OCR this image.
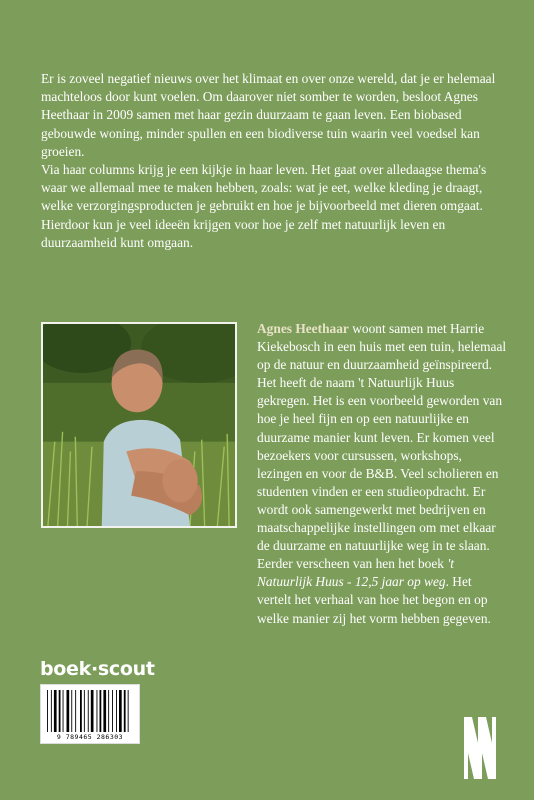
Er is zoveel negatief nieuws over het klimaat en over onze wereld, dat je er helemaal machteloos door kunt voelen. Om daarover niet somber te worden, besloot Agnes Heethaar in 2009 samen met haar gezin duurzaam te gaan leven. Een biobased gebouwde woning, minder spullen en een biodiverse tuin waarin veel voedsel kan groeien.

Via haar columns krijg je een kijkje in haar leven. Het gaat over alledaagse thema's waar we allemaal mee te maken hebben, zoals: wat je eet, welke kleding je draagt, welke verzorgingsproducten je gebruikt en hoe je bijvoorbeeld met dieren omgaat. Hierdoor kun je veel ideeën krijgen voor hoe je zelf met natuurlijk leven en duurzaamheid kunt omgaan.

Agnes Heethaar woont samen met Harrie Kiekebosch in een huis met een tuin, helemaal op de natuur en duurzaamheid geïnspireerd. Het heeft de naam 't Natuurlijk Huus gekregen. Het is een voorbeeld geworden van hoe je heel fijn en op een natuurlijke en duurzame manier kunt leven. Er komen veel bezoekers voor cursussen, workshops, lezingen en voor de B&B. Veel scholieren en studenten vinden er een studieopdracht. Er wordt ook samengewerkt met bedrijven en maatschappelijke instellingen om met elkaar de duurzame en natuurlijke weg in te slaan. Eerder verscheen van hen het boek 't Natuurlijk Huus - 12,5 jaar op weg. Het vertelt het verhaal van hoe het begon en op welke manier zij het vorm hebben gegeven.

boek·scout
9 789465 286303
